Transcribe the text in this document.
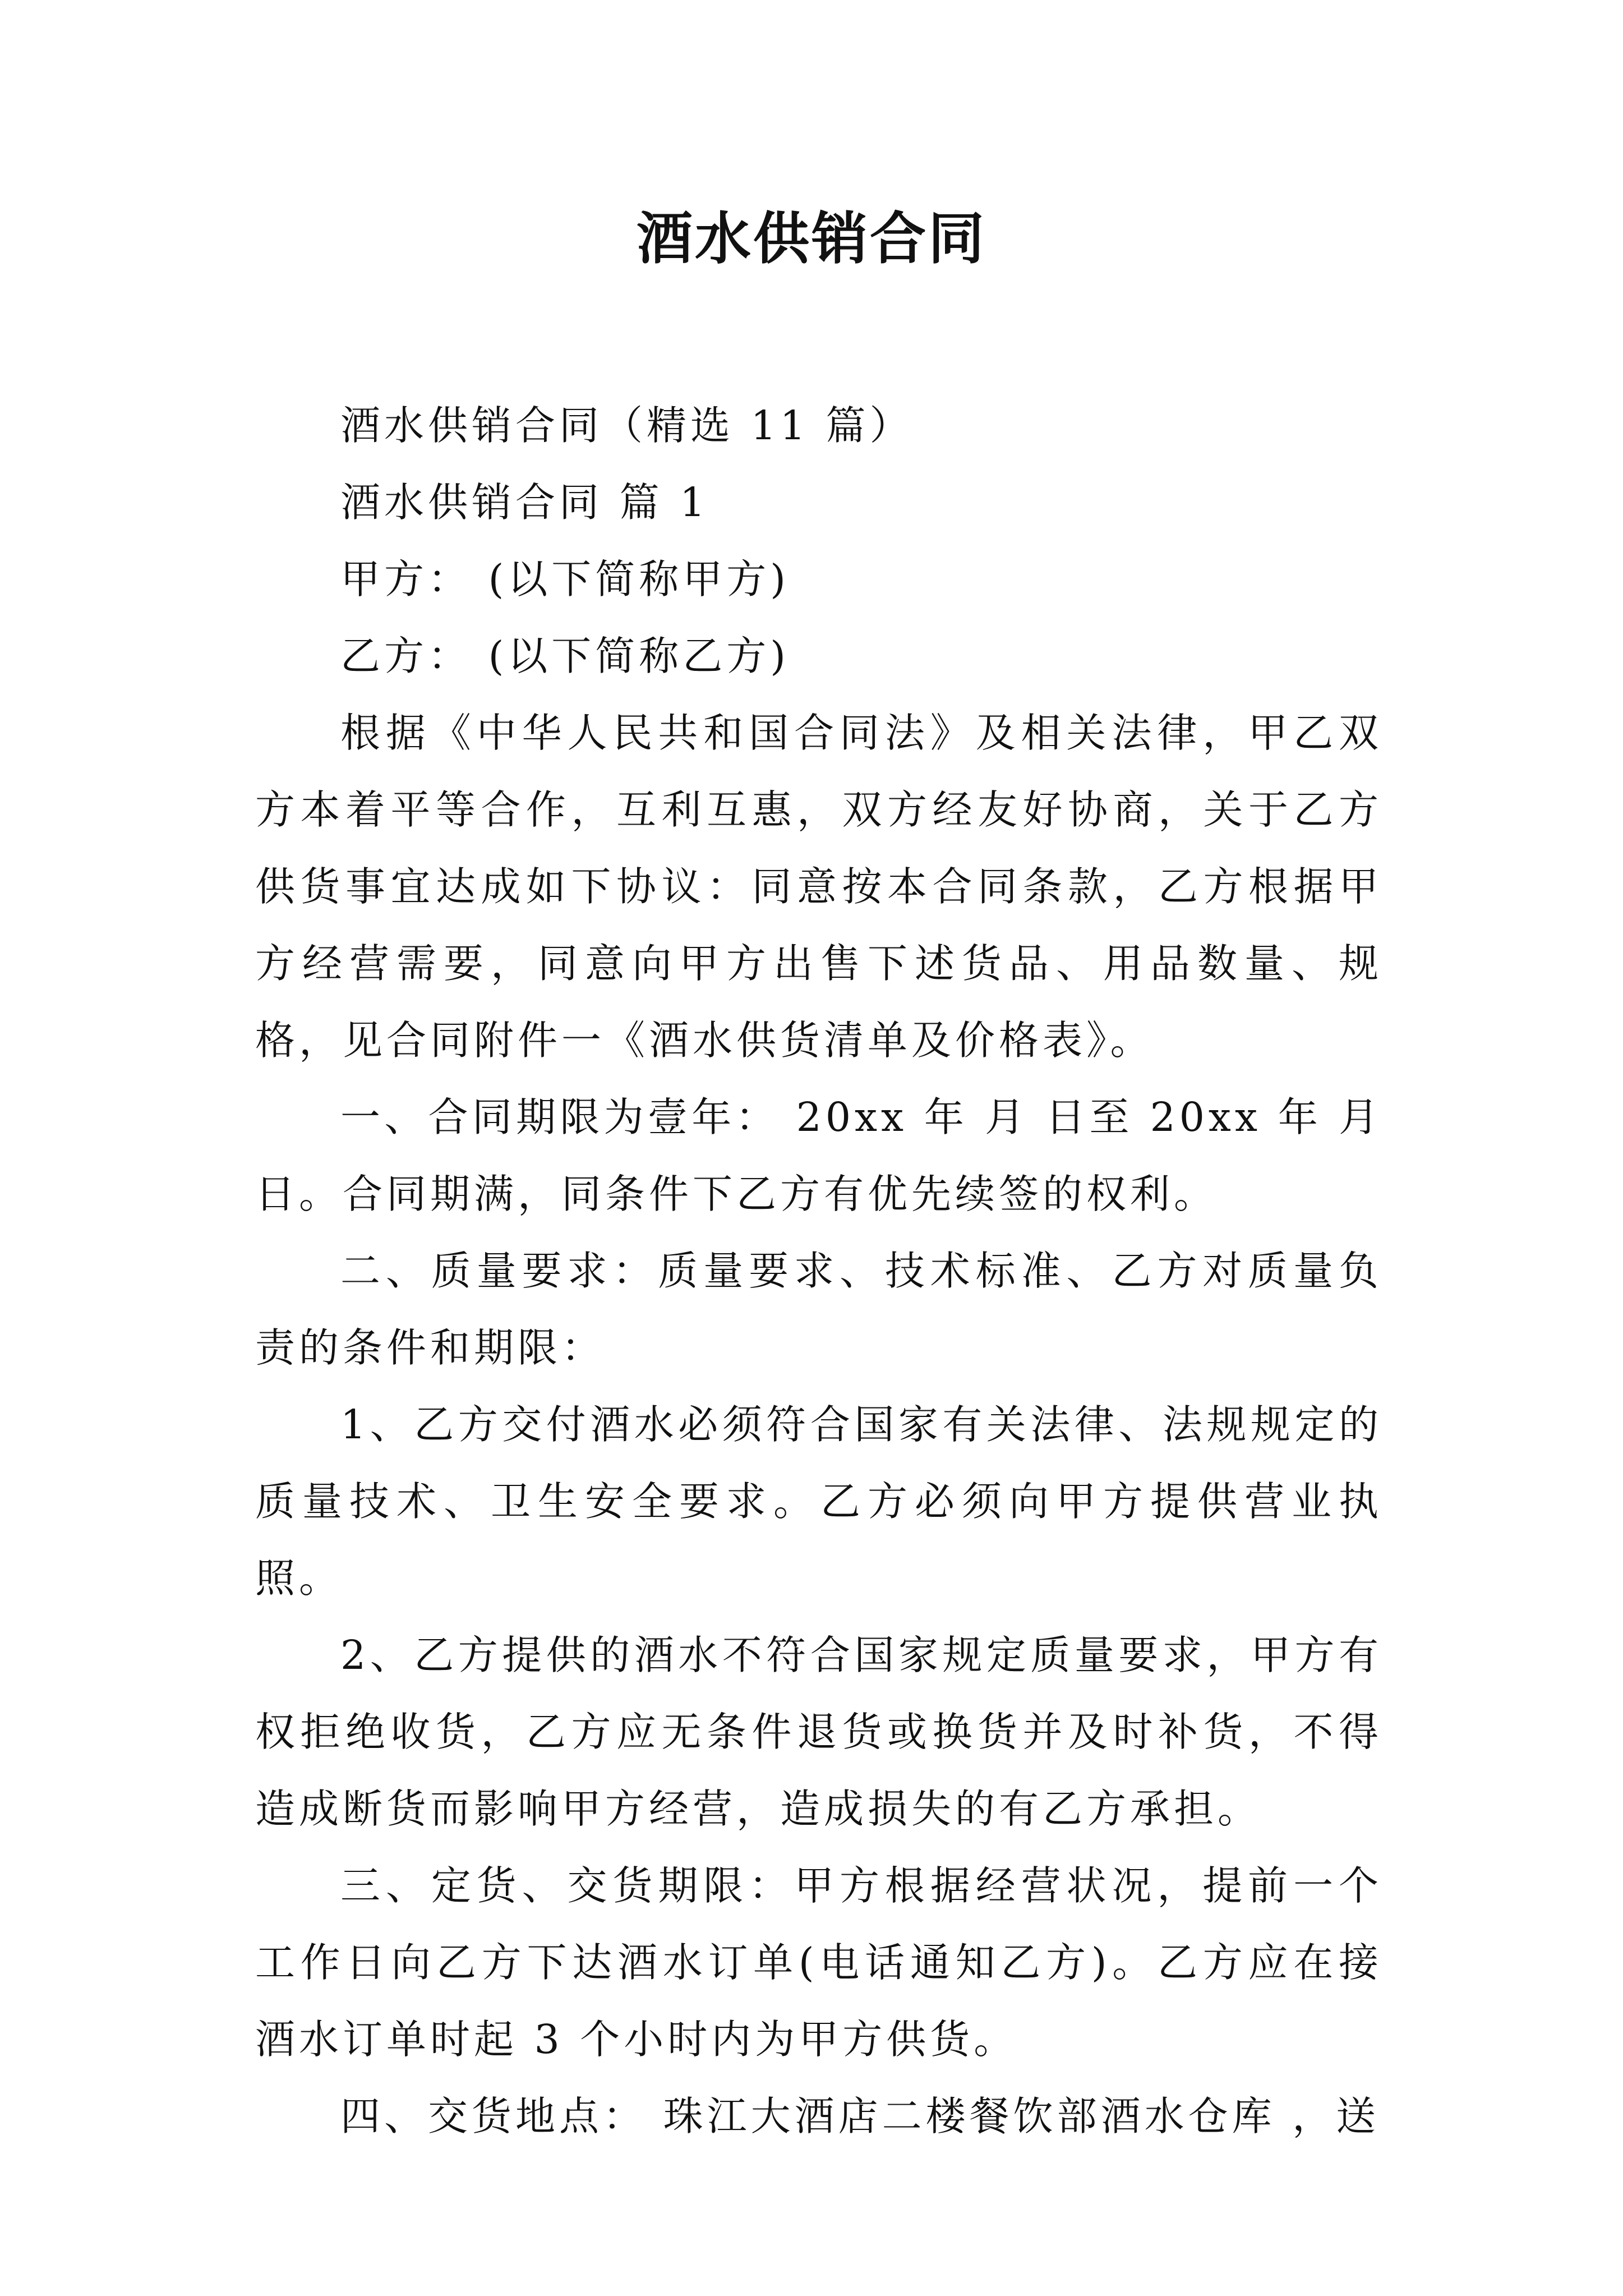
酒水供销合同

酒水供销合同（精选 11 篇）

酒水供销合同 篇 1

甲方： (以下简称甲方)

乙方： (以下简称乙方)

根据《中华人民共和国合同法》及相关法律，甲乙双方本着平等合作，互利互惠，双方经友好协商，关于乙方供货事宜达成如下协议：同意按本合同条款，乙方根据甲方经营需要，同意向甲方出售下述货品、用品数量、规格，见合同附件一《酒水供货清单及价格表》。

一、合同期限为壹年： 20xx 年 月 日至 20xx 年 月 日。合同期满，同条件下乙方有优先续签的权利。

二、质量要求：质量要求、技术标准、乙方对质量负责的条件和期限：

1、乙方交付酒水必须符合国家有关法律、法规规定的质量技术、卫生安全要求。乙方必须向甲方提供营业执照。

2、乙方提供的酒水不符合国家规定质量要求，甲方有权拒绝收货，乙方应无条件退货或换货并及时补货，不得造成断货而影响甲方经营，造成损失的有乙方承担。

三、定货、交货期限：甲方根据经营状况，提前一个工作日向乙方下达酒水订单(电话通知乙方)。乙方应在接酒水订单时起 3 个小时内为甲方供货。

四、交货地点： 珠江大酒店二楼餐饮部酒水仓库 ，送
